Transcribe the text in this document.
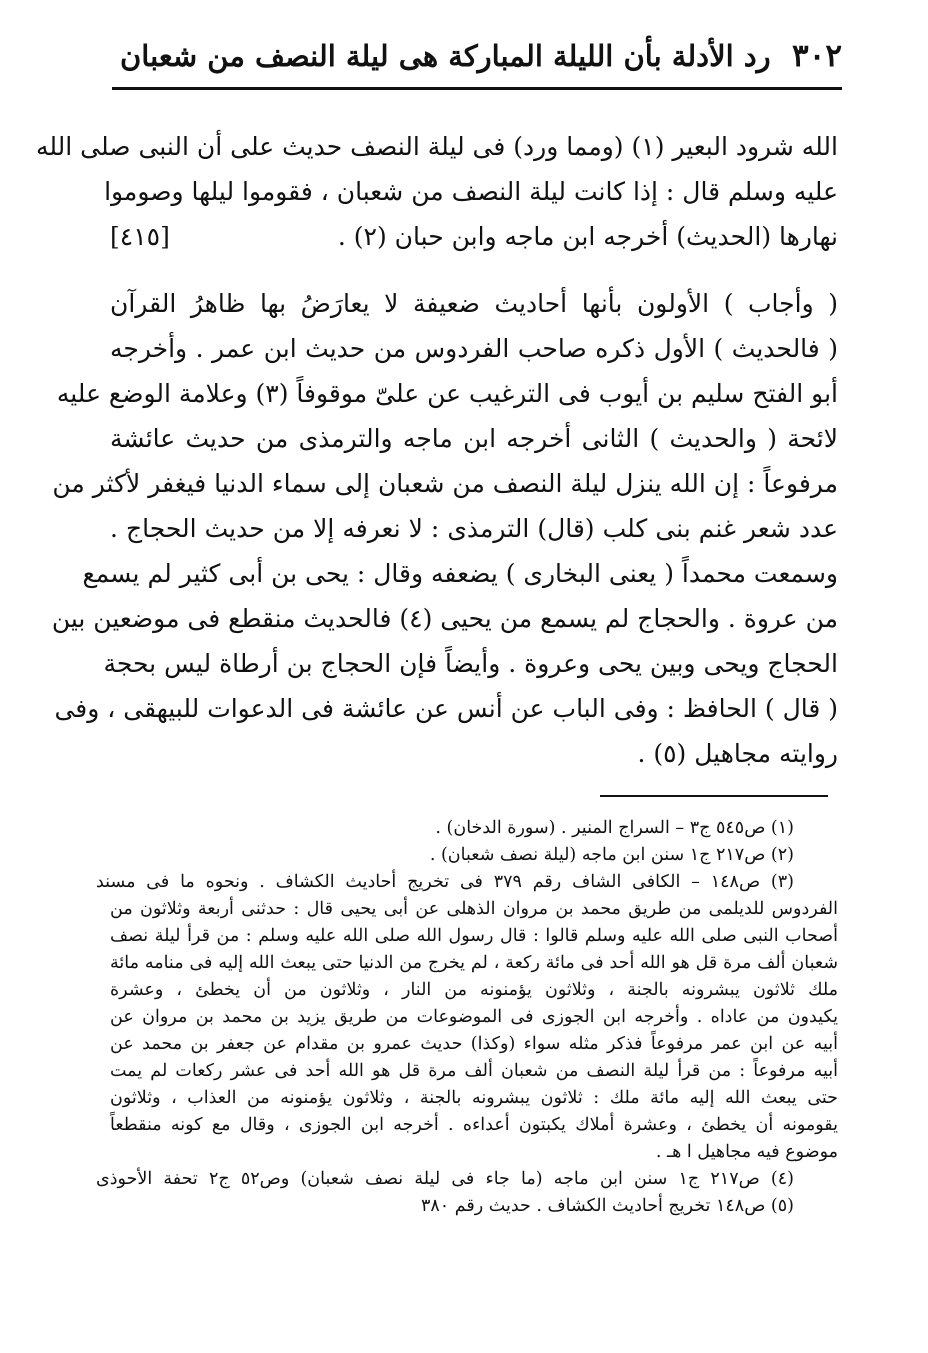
٣٠٢
رد الأدلة بأن الليلة المباركة هى ليلة النصف من شعبان
الله شرود البعير (١) (ومما ورد) فى ليلة النصف حديث على أن النبى صلى الله
عليه وسلم قال : إذا كانت ليلة النصف من شعبان ، فقوموا ليلها وصوموا
نهارها (الحديث) أخرجه ابن ماجه وابن حبان (٢) .
[٤١٥]
( وأجاب ) الأولون بأنها أحاديث ضعيفة لا يعارَضُ بها ظاهرُ القرآن
( فالحديث ) الأول ذكره صاحب الفردوس من حديث ابن عمر . وأخرجه
أبو الفتح سليم بن أيوب فى الترغيب عن علىّ موقوفاً (٣) وعلامة الوضع عليه
لائحة ( والحديث ) الثانى أخرجه ابن ماجه والترمذى من حديث عائشة
مرفوعاً : إن الله ينزل ليلة النصف من شعبان إلى سماء الدنيا فيغفر لأكثر من
عدد شعر غنم بنى كلب (قال) الترمذى : لا نعرفه إلا من حديث الحجاج .
وسمعت محمداً ( يعنى البخارى ) يضعفه وقال : يحى بن أبى كثير لم يسمع
من عروة . والحجاج لم يسمع من يحيى (٤) فالحديث منقطع فى موضعين بين
الحجاج ويحى وبين يحى وعروة . وأيضاً فإن الحجاج بن أرطاة ليس بحجة
( قال ) الحافظ : وفى الباب عن أنس عن عائشة فى الدعوات للبيهقى ، وفى
روايته مجاهيل (٥) .
(١) ص٥٤٥ ج٣ – السراج المنير . (سورة الدخان) .
(٢) ص٢١٧ ج١ سنن ابن ماجه (ليلة نصف شعبان) .
(٣) ص١٤٨ – الكافى الشاف رقم ٣٧٩ فى تخريج أحاديث الكشاف . ونحوه ما فى مسند
الفردوس للديلمى من طريق محمد بن مروان الذهلى عن أبى يحيى قال : حدثنى أربعة وثلاثون من
أصحاب النبى صلى الله عليه وسلم قالوا : قال رسول الله صلى الله عليه وسلم : من قرأ ليلة نصف
شعبان ألف مرة قل هو الله أحد فى مائة ركعة ، لم يخرج من الدنيا حتى يبعث الله إليه فى منامه مائة
ملك ثلاثون يبشرونه بالجنة ، وثلاثون يؤمنونه من النار ، وثلاثون من أن يخطئ ، وعشرة
يكيدون من عاداه . وأخرجه ابن الجوزى فى الموضوعات من طريق يزيد بن محمد بن مروان عن
أبيه عن ابن عمر مرفوعاً فذكر مثله سواء (وكذا) حديث عمرو بن مقدام عن جعفر بن محمد عن
أبيه مرفوعاً : من قرأ ليلة النصف من شعبان ألف مرة قل هو الله أحد فى عشر ركعات لم يمت
حتى يبعث الله إليه مائة ملك : ثلاثون يبشرونه بالجنة ، وثلاثون يؤمنونه من العذاب ، وثلاثون
يقومونه أن يخطئ ، وعشرة أملاك يكبتون أعداءه . أخرجه ابن الجوزى ، وقال مع كونه منقطعاً
موضوع فيه مجاهيل ا هـ .
(٤) ص٢١٧ ج١ سنن ابن ماجه (ما جاء فى ليلة نصف شعبان) وص٥٢ ج٢ تحفة الأحوذى
(٥) ص١٤٨ تخريج أحاديث الكشاف . حديث رقم ٣٨٠
